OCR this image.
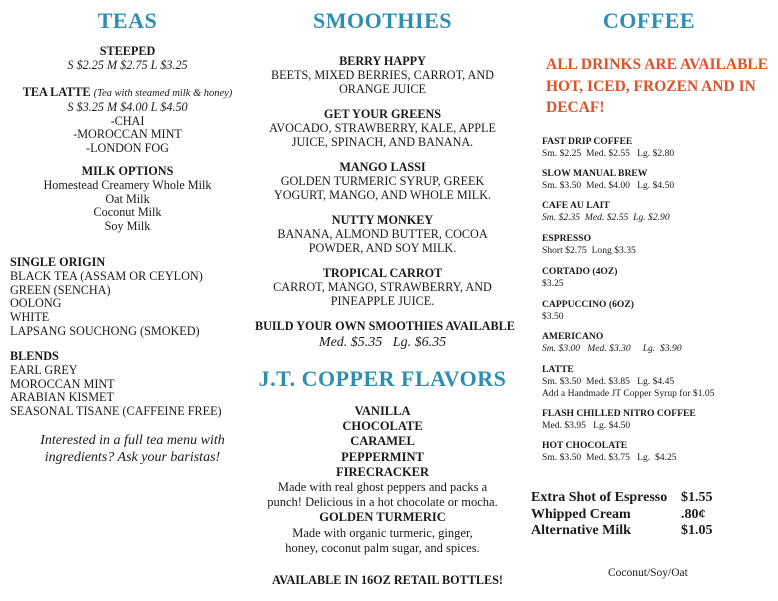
TEAS
STEEPED
S $2.25 M $2.75 L $3.25
TEA LATTE (Tea with steamed milk & honey)
S $3.25 M $4.00 L $4.50
-CHAI
-MOROCCAN MINT
-LONDON FOG
MILK OPTIONS
Homestead Creamery Whole Milk
Oat Milk
Coconut Milk
Soy Milk
SINGLE ORIGIN
BLACK TEA (ASSAM OR CEYLON)
GREEN (SENCHA)
OOLONG
WHITE
LAPSANG SOUCHONG (SMOKED)
BLENDS
EARL GREY
MOROCCAN MINT
ARABIAN KISMET
SEASONAL TISANE (CAFFEINE FREE)
Interested in a full tea menu with
ingredients? Ask your baristas!
SMOOTHIES
BERRY HAPPY
BEETS, MIXED BERRIES, CARROT, AND
ORANGE JUICE
GET YOUR GREENS
AVOCADO, STRAWBERRY, KALE, APPLE
JUICE, SPINACH, AND BANANA.
MANGO LASSI
GOLDEN TURMERIC SYRUP, GREEK
YOGURT, MANGO, AND WHOLE MILK.
NUTTY MONKEY
BANANA, ALMOND BUTTER, COCOA
POWDER, AND SOY MILK.
TROPICAL CARROT
CARROT, MANGO, STRAWBERRY, AND
PINEAPPLE JUICE.
BUILD YOUR OWN SMOOTHIES AVAILABLE
Med. $5.35   Lg. $6.35
J.T. COPPER FLAVORS
VANILLA
CHOCOLATE
CARAMEL
PEPPERMINT
FIRECRACKER
Made with real ghost peppers and packs a
punch! Delicious in a hot chocolate or mocha.
GOLDEN TURMERIC
Made with organic turmeric, ginger,
honey, coconut palm sugar, and spices.
AVAILABLE IN 16OZ RETAIL BOTTLES!
COFFEE
ALL DRINKS ARE AVAILABLE
HOT, ICED, FROZEN AND IN
DECAF!
FAST DRIP COFFEE
Sm. $2.25  Med. $2.55   Lg. $2.80
SLOW MANUAL BREW
Sm. $3.50  Med. $4.00   Lg. $4.50
CAFE AU LAIT
Sm. $2.35  Med. $2.55  Lg. $2.90
ESPRESSO
Short $2.75  Long $3.35
CORTADO (4OZ)
$3.25
CAPPUCCINO (6OZ)
$3.50
AMERICANO
Sm. $3.00   Med. $3.30     Lg.  $3.90
LATTE
Sm. $3.50  Med. $3.85   Lg. $4.45
Add a Handmade JT Copper Syrup for $1.05
FLASH CHILLED NITRO COFFEE
Med. $3.95   Lg. $4.50
HOT CHOCOLATE
Sm. $3.50  Med. $3.75   Lg.  $4.25
Extra Shot of Espresso $1.55
Whipped Cream	.80¢
Alternative Milk	$1.05
Coconut/Soy/Oat
